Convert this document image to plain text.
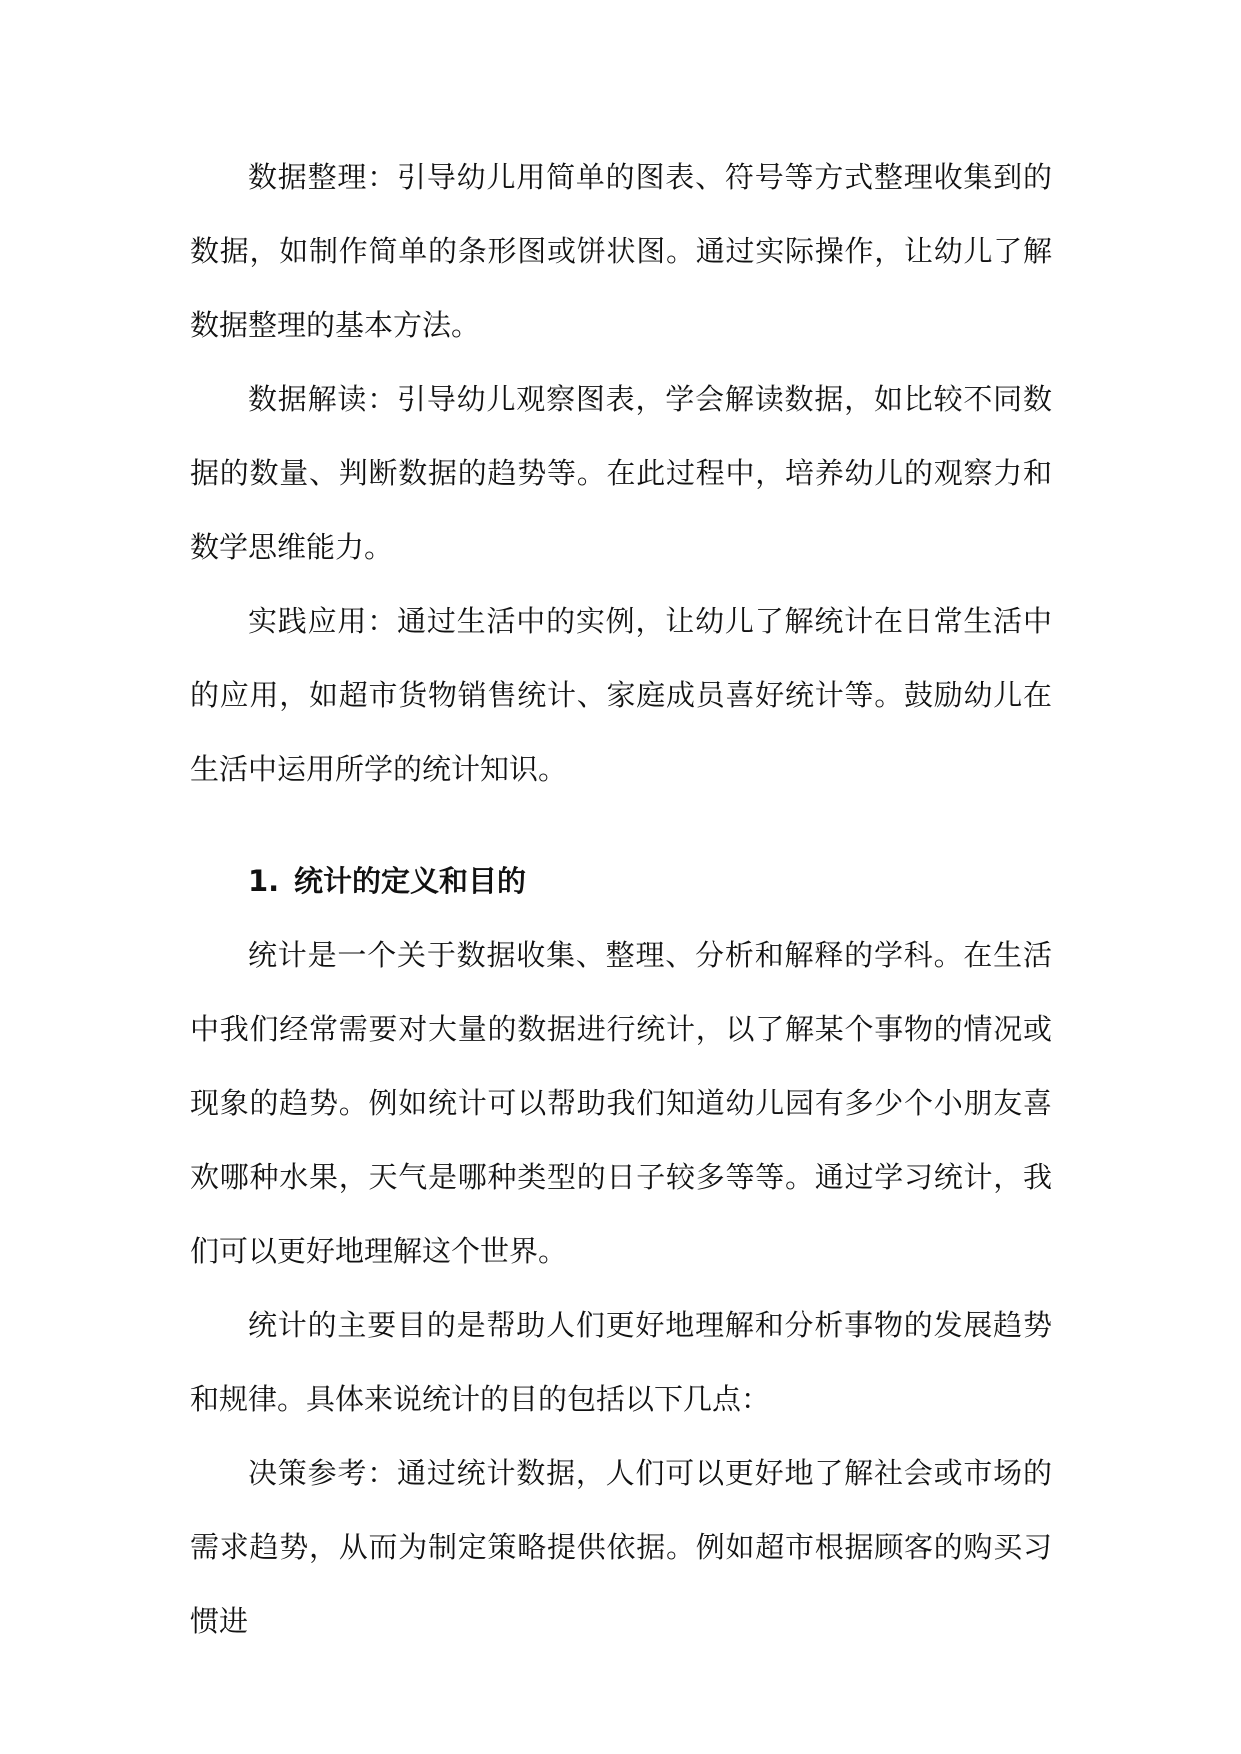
数据整理：引导幼儿用简单的图表、符号等方式整理收集到的数据，如制作简单的条形图或饼状图。通过实际操作，让幼儿了解数据整理的基本方法。

数据解读：引导幼儿观察图表，学会解读数据，如比较不同数据的数量、判断数据的趋势等。在此过程中，培养幼儿的观察力和数学思维能力。

实践应用：通过生活中的实例，让幼儿了解统计在日常生活中的应用，如超市货物销售统计、家庭成员喜好统计等。鼓励幼儿在生活中运用所学的统计知识。

1. 统计的定义和目的

统计是一个关于数据收集、整理、分析和解释的学科。在生活中我们经常需要对大量的数据进行统计，以了解某个事物的情况或现象的趋势。例如统计可以帮助我们知道幼儿园有多少个小朋友喜欢哪种水果，天气是哪种类型的日子较多等等。通过学习统计，我们可以更好地理解这个世界。

统计的主要目的是帮助人们更好地理解和分析事物的发展趋势和规律。具体来说统计的目的包括以下几点：

决策参考：通过统计数据，人们可以更好地了解社会或市场的需求趋势，从而为制定策略提供依据。例如超市根据顾客的购买习惯进
